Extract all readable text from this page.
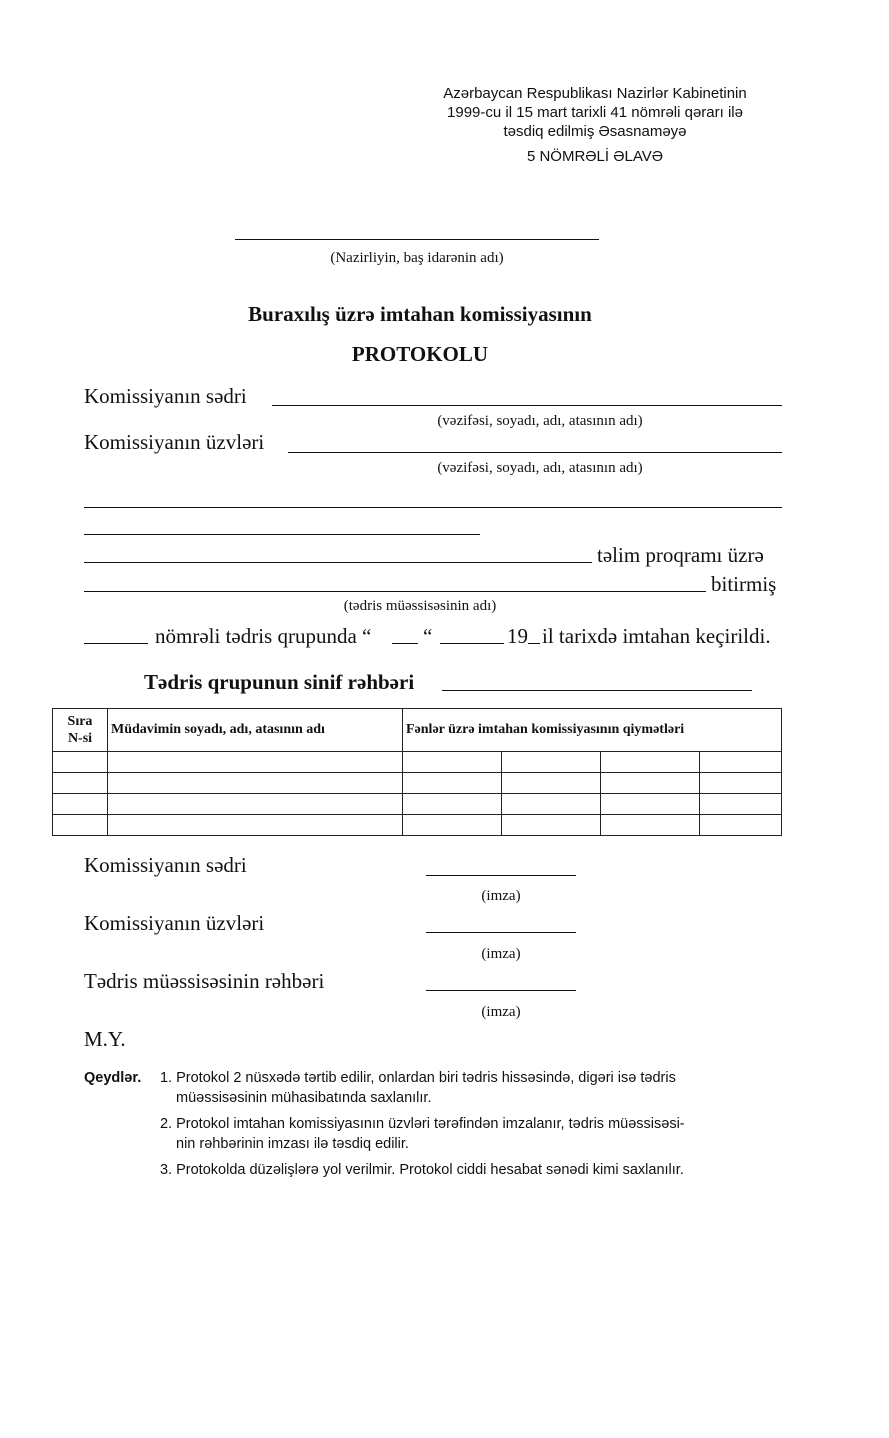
Azərbaycan Respublikası Nazirlər Kabinetinin
1999-cu il 15 mart tarixli 41 nömrəli qərarı ilə
təsdiq edilmiş Əsasnaməyə
5 NÖMRƏLİ ƏLAVƏ
(Nazirliyin, baş idarənin adı)
Buraxılış üzrə imtahan komissiyasının
PROTOKOLU
Komissiyanın sədri
(vəzifəsi, soyadı, adı, atasının adı)
Komissiyanın üzvləri
(vəzifəsi, soyadı, adı, atasının adı)
təlim proqramı üzrə
bitirmiş
(tədris müəssisəsinin adı)
nömrəli tədris qrupunda “ “	19 il tarixdə imtahan keçirildi.
Tədris qrupunun sinif rəhbəri
Sıra
N-si	Müdavimin soyadı, adı, atasının adı	Fənlər üzrə imtahan komissiyasının qiymətləri			

Komissiyanın sədri
(imza)
Komissiyanın üzvləri
(imza)
Tədris müəssisəsinin rəhbəri
(imza)
M.Y.
Qeydlər.	1. Protokol 2 nüsxədə tərtib edilir, onlardan biri tədris hissəsində, digəri isə tədris
müəssisəsinin mühasibatında saxlanılır.
2. Protokol imtahan komissiyasının üzvləri tərəfindən imzalanır, tədris müəssisəsi-
nin rəhbərinin imzası ilə təsdiq edilir.
3. Protokolda düzəlişlərə yol verilmir. Protokol ciddi hesabat sənədi kimi saxlanılır.
